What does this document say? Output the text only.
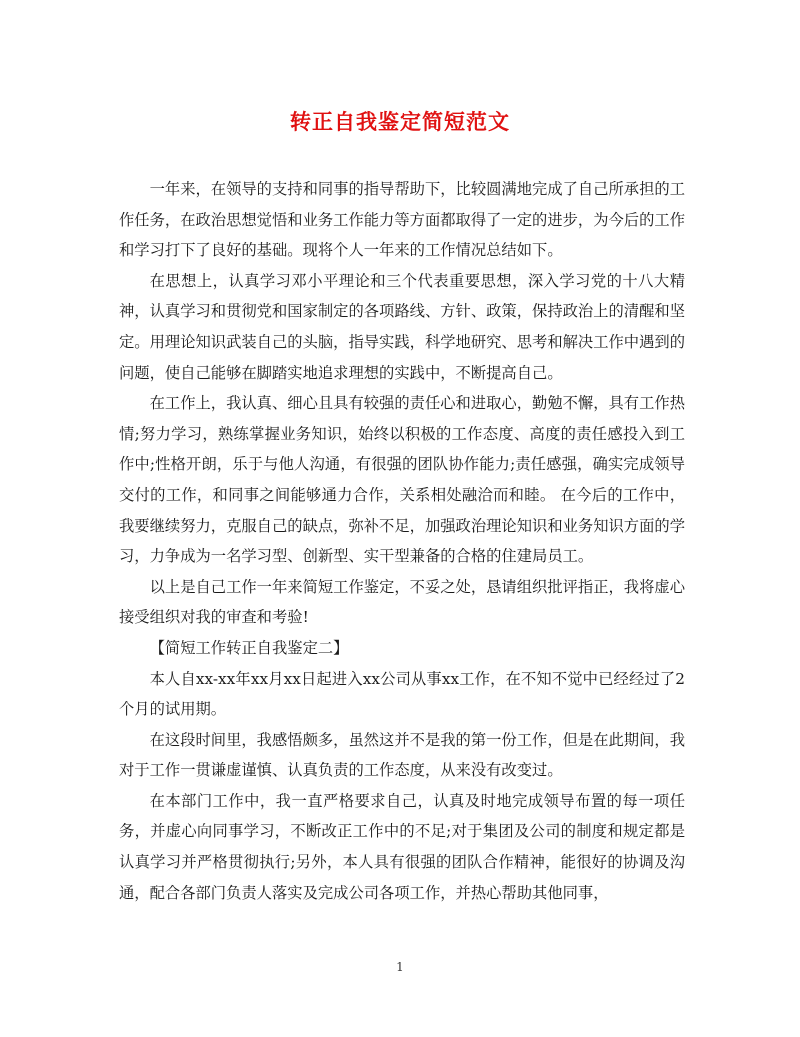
转正自我鉴定简短范文

一年来，在领导的支持和同事的指导帮助下，比较圆满地完成了自己所承担的工作任务，在政治思想觉悟和业务工作能力等方面都取得了一定的进步，为今后的工作和学习打下了良好的基础。现将个人一年来的工作情况总结如下。

在思想上，认真学习邓小平理论和三个代表重要思想，深入学习党的十八大精神，认真学习和贯彻党和国家制定的各项路线、方针、政策，保持政治上的清醒和坚定。用理论知识武装自己的头脑，指导实践，科学地研究、思考和解决工作中遇到的问题，使自己能够在脚踏实地追求理想的实践中，不断提高自己。

在工作上，我认真、细心且具有较强的责任心和进取心，勤勉不懈，具有工作热情;努力学习，熟练掌握业务知识，始终以积极的工作态度、高度的责任感投入到工作中;性格开朗，乐于与他人沟通，有很强的团队协作能力;责任感强，确实完成领导交付的工作，和同事之间能够通力合作，关系相处融洽而和睦。 在今后的工作中，我要继续努力，克服自己的缺点，弥补不足，加强政治理论知识和业务知识方面的学习，力争成为一名学习型、创新型、实干型兼备的合格的住建局员工。

以上是自己工作一年来简短工作鉴定，不妥之处，恳请组织批评指正，我将虚心接受组织对我的审查和考验!

【简短工作转正自我鉴定二】

本人自xx-xx年xx月xx日起进入xx公司从事xx工作，在不知不觉中已经经过了2个月的试用期。

在这段时间里，我感悟颇多，虽然这并不是我的第一份工作，但是在此期间，我对于工作一贯谦虚谨慎、认真负责的工作态度，从来没有改变过。

在本部门工作中，我一直严格要求自己，认真及时地完成领导布置的每一项任务，并虚心向同事学习，不断改正工作中的不足;对于集团及公司的制度和规定都是认真学习并严格贯彻执行;另外，本人具有很强的团队合作精神，能很好的协调及沟通，配合各部门负责人落实及完成公司各项工作，并热心帮助其他同事，

1
